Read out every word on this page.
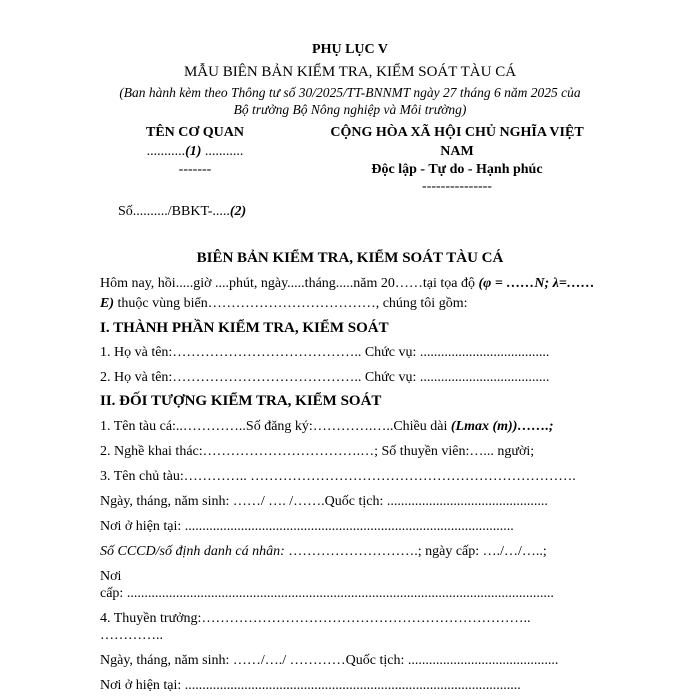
PHỤ LỤC V
MẪU BIÊN BẢN KIỂM TRA, KIỂM SOÁT TÀU CÁ
(Ban hành kèm theo Thông tư số 30/2025/TT-BNNMT ngày 27 tháng 6 năm 2025 của
Bộ trưởng Bộ Nông nghiệp và Môi trường)
TÊN CƠ QUAN
...........(1) ...........
-------
CỘNG HÒA XÃ HỘI CHỦ NGHĨA VIỆT
NAM
Độc lập - Tự do - Hạnh phúc
---------------
Số........../BBKT-.....(2)
BIÊN BẢN KIỂM TRA, KIỂM SOÁT TÀU CÁ
Hôm nay, hồi.....giờ ....phút, ngày.....tháng.....năm 20……tại tọa độ (φ = ……N; λ=……
E) thuộc vùng biển………………………………, chúng tôi gồm:
I. THÀNH PHẦN KIỂM TRA, KIỂM SOÁT
1. Họ và tên:………………………………….. Chức vụ: .....................................
2. Họ và tên:………………………………….. Chức vụ: .....................................
II. ĐỐI TƯỢNG KIỂM TRA, KIỂM SOÁT
1. Tên tàu cá:..…………..Số đăng ký:………….…..Chiều dài (Lmax (m))…….;
2. Nghề khai thác:…………………………….…; Số thuyền viên:…... người;
3. Tên chủ tàu:………….. …………………………………………………………….
Ngày, tháng, năm sinh: ……/ …. /…….Quốc tịch: ..............................................
Nơi ở hiện tại: ..............................................................................................
Số CCCD/số định danh cá nhân: ……………………….; ngày cấp: …./…/…..;
Nơi
cấp: ..........................................................................................................................
4. Thuyền trưởng:……………………………………………………………..
…………..
Ngày, tháng, năm sinh: ……/…./ …………Quốc tịch: ...........................................
Nơi ở hiện tại: ................................................................................................
